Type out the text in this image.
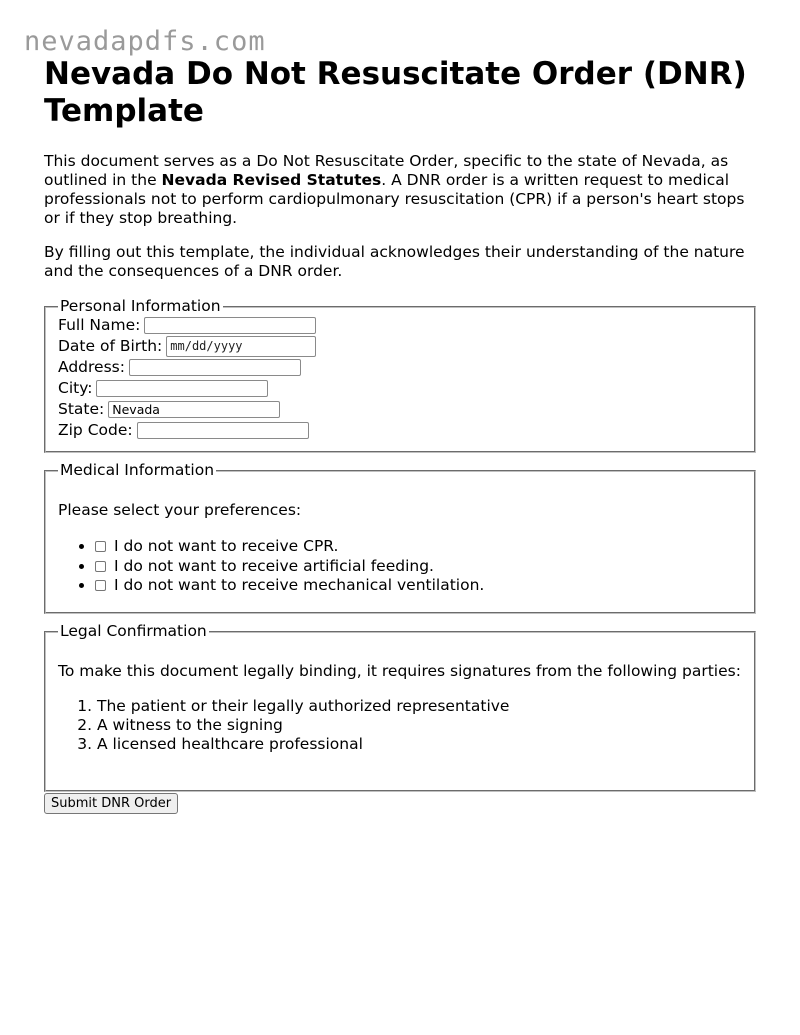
nevadapdfs.com
Nevada Do Not Resuscitate Order (DNR) Template

This document serves as a Do Not Resuscitate Order, specific to the state of Nevada, as outlined in the Nevada Revised Statutes. A DNR order is a written request to medical professionals not to perform cardiopulmonary resuscitation (CPR) if a person's heart stops or if they stop breathing.

By filling out this template, the individual acknowledges their understanding of the nature and the consequences of a DNR order.

Personal Information
Full Name:
Date of Birth: mm/dd/yyyy
Address:
City:
State:
Nevada
Zip Code:
Medical Information

Please select your preferences:

• I do not want to receive CPR.
• I do not want to receive artificial feeding.
• I do not want to receive mechanical ventilation.
Legal Confirmation

To make this document legally binding, it requires signatures from the following parties:

1. The patient or their legally authorized representative
2. A witness to the signing
3. A licensed healthcare professional
Submit DNR Order
